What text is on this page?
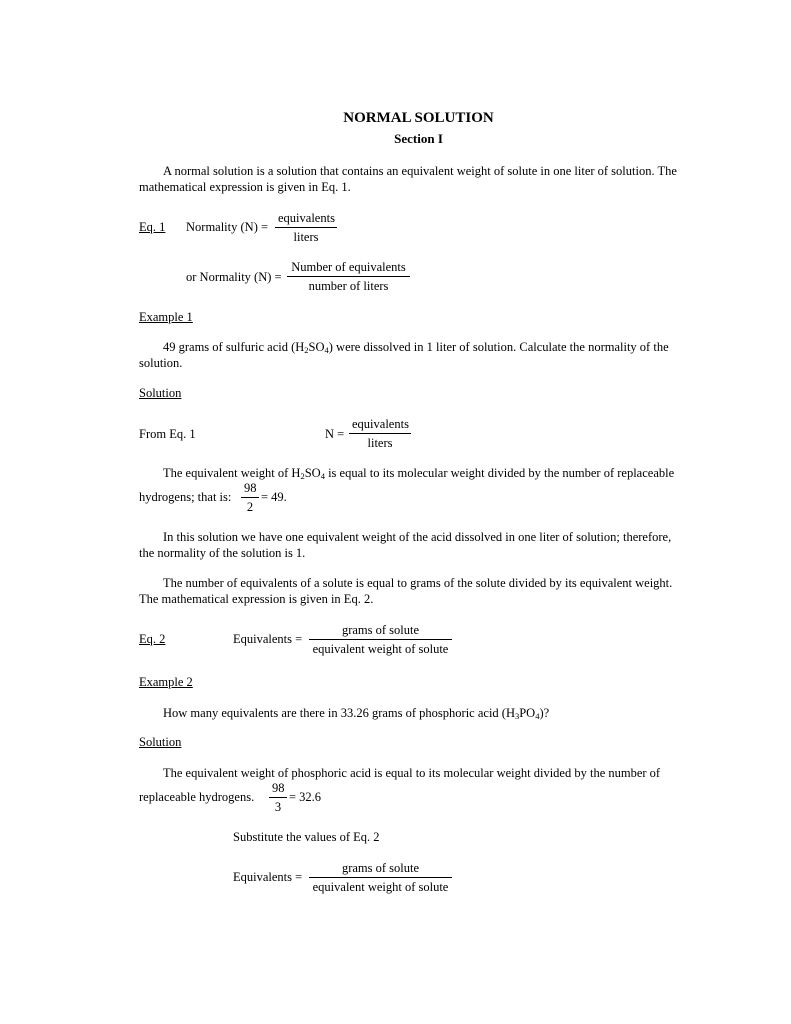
NORMAL SOLUTION
Section I
A normal solution is a solution that contains an equivalent weight of solute in one liter of solution. The
mathematical expression is given in Eq. 1.
Eq. 1 Normality (N) =
equivalents
liters
or Normality (N) =
Number of equivalents
number of liters
Example 1
49 grams of sulfuric acid $(H_2SO_4)$ were dissolved in 1 liter of solution. Calculate the normality of the
solution.
Solution
From Eq. 1	N =
equivalents
liters
The equivalent weight of $H_2SO_4$ is equal to its molecular weight divided by the number of replaceable
hydrogens; that is: $\frac{98}{2} = 49$.
In this solution we have one equivalent weight of the acid dissolved in one liter of solution; therefore,
the normality of the solution is 1.
The number of equivalents of a solute is equal to grams of the solute divided by its equivalent weight.
The mathematical expression is given in Eq. 2.
Eq. 2	Equivalents =
grams of solute
equivalent weight of solute
Example 2
How many equivalents are there in 33.26 grams of phosphoric acid $(H_3PO_4)$?
Solution
The equivalent weight of phosphoric acid is equal to its molecular weight divided by the number of
replaceable hydrogens. $\frac{98}{3} = 32.6$
Substitute the values of Eq. 2
Equivalents =
grams of solute
equivalent weight of solute
